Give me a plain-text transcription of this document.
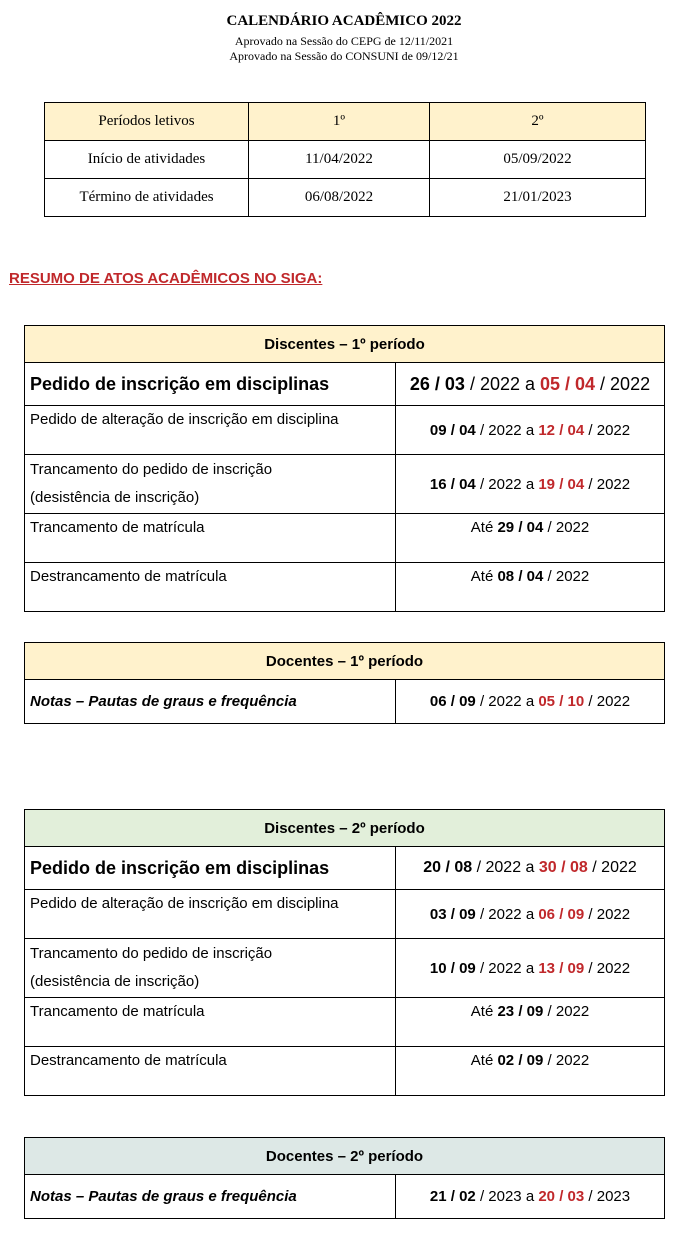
CALENDÁRIO ACADÊMICO 2022
Aprovado na Sessão do CEPG de 12/11/2021
Aprovado na Sessão do CONSUNI de 09/12/21
Períodos letivos	1º	2º
Início de atividades	11/04/2022	05/09/2022
Término de atividades	06/08/2022	21/01/2023
RESUMO DE ATOS ACADÊMICOS NO SIGA:
Discentes – 1º período	
Pedido de inscrição em disciplinas	26 / 03 / 2022 a 05 / 04 / 2022
Pedido de alteração de inscrição em disciplina	09 / 04 / 2022 a 12 / 04 / 2022
Trancamento do pedido de inscrição
(desistência de inscrição)	16 / 04 / 2022 a 19 / 04 / 2022
Trancamento de matrícula	Até 29 / 04 / 2022
Destrancamento de matrícula	Até 08 / 04 / 2022
Docentes – 1º período
Notas – Pautas de graus e frequência	06 / 09 / 2022 a 05 / 10 / 2022
Discentes – 2º período	
Pedido de inscrição em disciplinas	20 / 08 / 2022 a 30 / 08 / 2022
Pedido de alteração de inscrição em disciplina	03 / 09 / 2022 a 06 / 09 / 2022
Trancamento do pedido de inscrição
(desistência de inscrição)	10 / 09 / 2022 a 13 / 09 / 2022
Trancamento de matrícula	Até 23 / 09 / 2022
Destrancamento de matrícula	Até 02 / 09 / 2022
Docentes – 2º período
Notas – Pautas de graus e frequência	21 / 02 / 2023 a 20 / 03 / 2023
